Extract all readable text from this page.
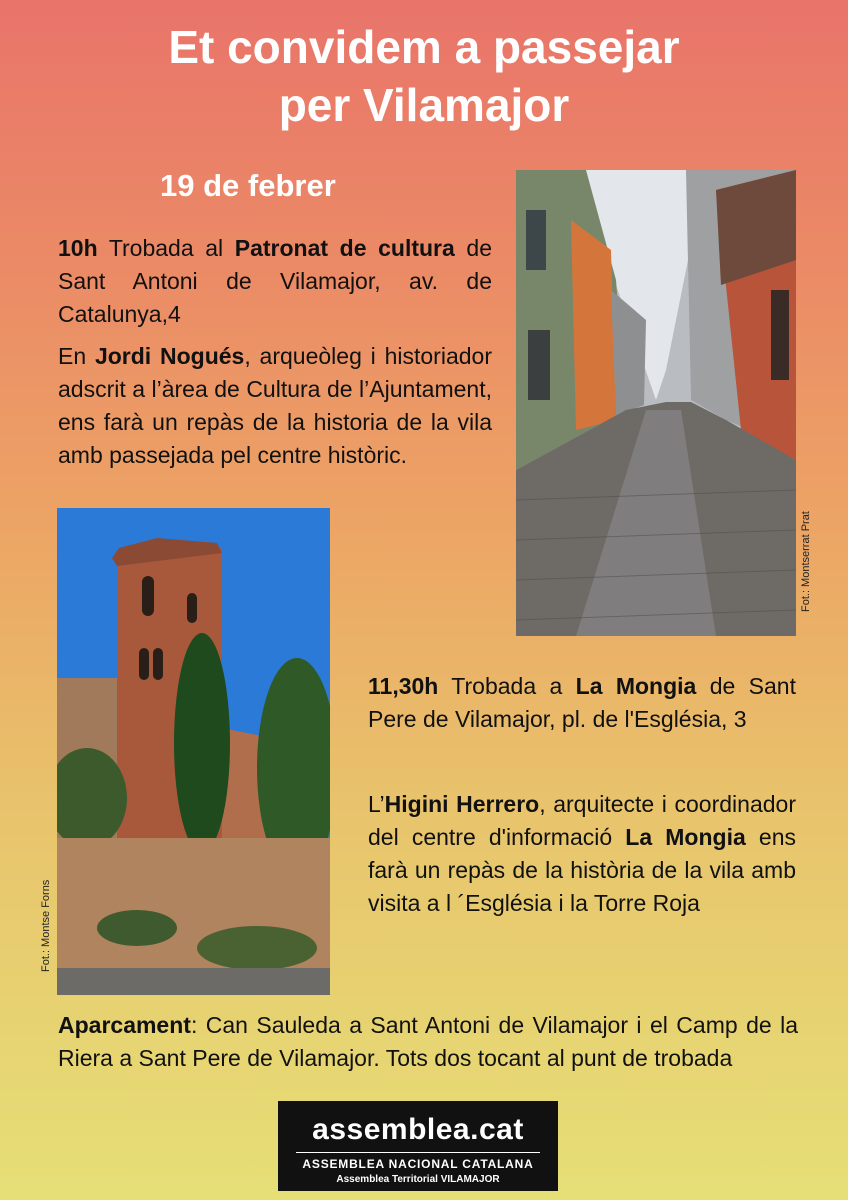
Et convidem a passejar
per Vilamajor

19 de febrer

10h Trobada al Patronat de cultura de Sant Antoni de Vilamajor, av. de Catalunya,4

En Jordi Nogués, arqueòleg i historiador adscrit a l’àrea de Cultura de l’Ajuntament, ens farà un repàs de la historia de la vila amb passejada pel centre històric.

Fot.: Montserrat Prat
Fot.: Montse Forns

11,30h Trobada a La Mongia de Sant Pere de Vilamajor, pl. de l'Església, 3

L’Higini Herrero, arquitecte i coordinador del centre d'informació La Mongia ens farà un repàs de la història de la vila amb visita a l ´Església i la Torre Roja

Aparcament: Can Sauleda a Sant Antoni de Vilamajor i el Camp de la Riera a Sant Pere de Vilamajor. Tots dos tocant al punt de trobada

assemblea.cat
ASSEMBLEA NACIONAL CATALANA
Assemblea Territorial VILAMAJOR
